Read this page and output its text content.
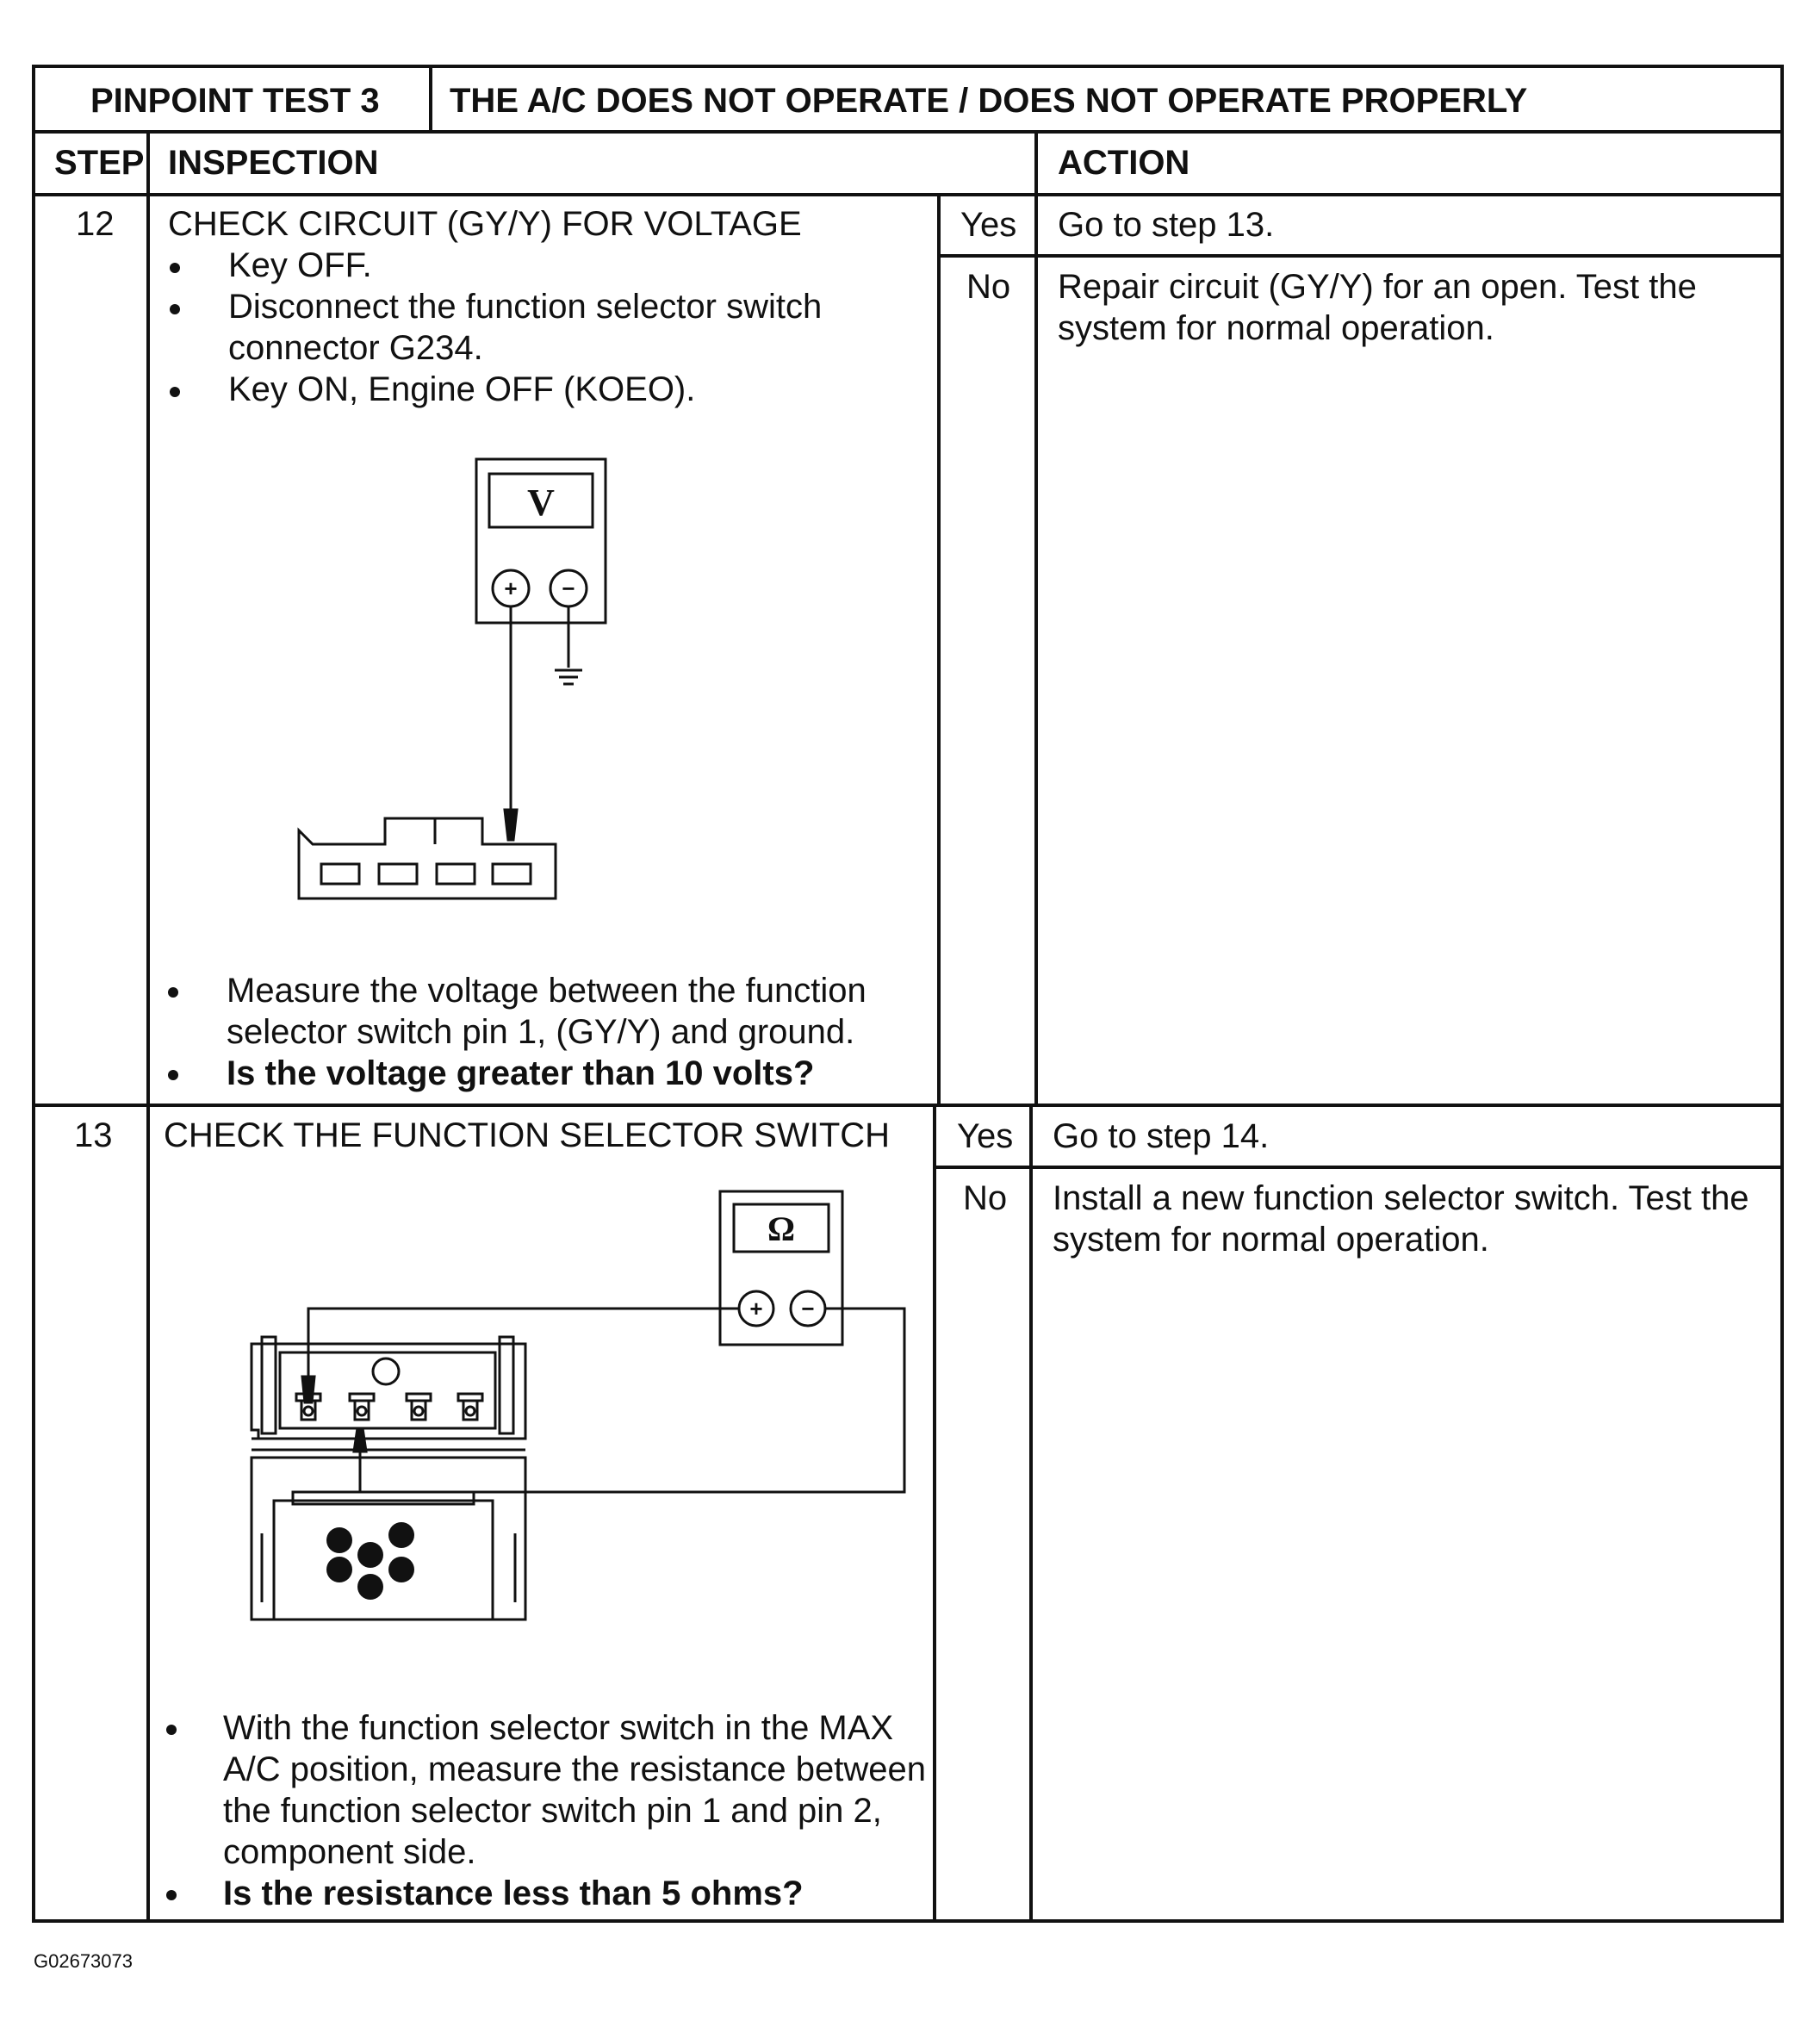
PINPOINT TEST 3 THE A/C DOES NOT OPERATE / DOES NOT OPERATE PROPERLY
STEP INSPECTION	ACTION
12 CHECK CIRCUIT (GY/Y) FOR VOLTAGE
Key OFF.
Disconnect the function selector switch
connector G234.
Key ON, Engine OFF (KOEO).
V
+ −
Measure the voltage between the function
selector switch pin 1, (GY/Y) and ground.
Is the voltage greater than 10 volts?
Yes Go to step 13.
No Repair circuit (GY/Y) for an open. Test the
system for normal operation.
13 CHECK THE FUNCTION SELECTOR SWITCH
Ω
+ −
With the function selector switch in the MAX
A/C position, measure the resistance between
the function selector switch pin 1 and pin 2,
component side.
Is the resistance less than 5 ohms?
Yes Go to step 14.
No Install a new function selector switch. Test the
system for normal operation.
G02673073
